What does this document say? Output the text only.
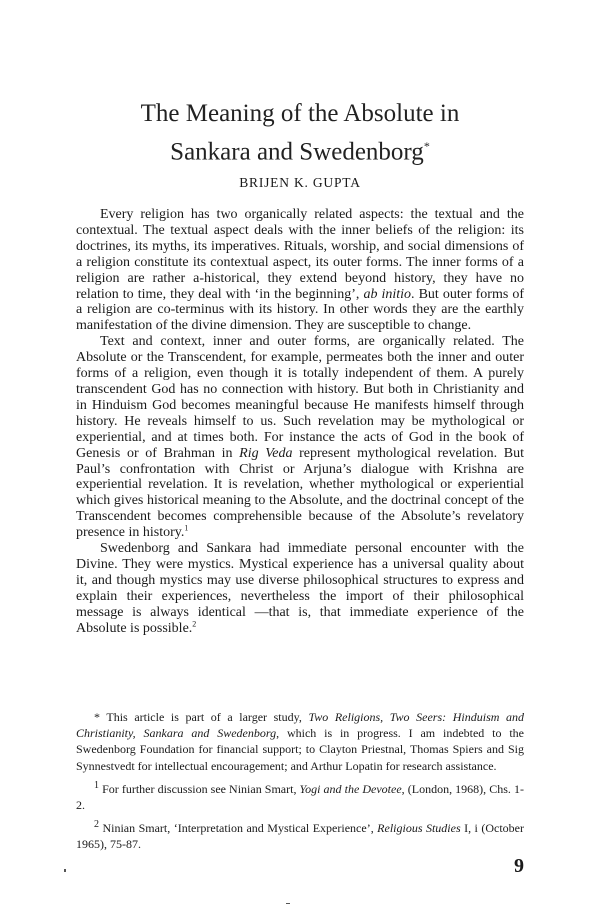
The Meaning of the Absolute in
Sankara and Swedenborg*
BRIJEN K. GUPTA

Every religion has two organically related aspects: the textual and the contextual. The textual aspect deals with the inner beliefs of the religion: its doctrines, its myths, its imperatives. Rituals, worship, and social dimensions of a religion constitute its contextual aspect, its outer forms. The inner forms of a religion are rather a-historical, they extend beyond history, they have no relation to time, they deal with ‘in the beginning’, ab initio. But outer forms of a religion are co-terminus with its history. In other words they are the earthly manifestation of the divine dimension. They are susceptible to change.

Text and context, inner and outer forms, are organically related. The Absolute or the Transcendent, for example, permeates both the inner and outer forms of a religion, even though it is totally independent of them. A purely transcendent God has no connection with history. But both in Christianity and in Hinduism God becomes meaningful because He manifests himself through history. He reveals himself to us. Such revelation may be mythological or experiential, and at times both. For instance the acts of God in the book of Genesis or of Brahman in Rig Veda represent mythological revelation. But Paul’s confrontation with Christ or Arjuna’s dialogue with Krishna are experiential revelation. It is revelation, whether mythological or experiential which gives historical meaning to the Absolute, and the doctrinal concept of the Transcendent becomes comprehensible because of the Absolute’s revelatory presence in history.$^1$

Swedenborg and Sankara had immediate personal encounter with the Divine. They were mystics. Mystical experience has a universal quality about it, and though mystics may use diverse philosophical structures to express and explain their experiences, nevertheless the import of their philosophical message is always identical —that is, that immediate experience of the Absolute is possible.$^2$

* This article is part of a larger study, Two Religions, Two Seers: Hinduism and Christianity, Sankara and Swedenborg, which is in progress. I am indebted to the Swedenborg Foundation for financial support; to Clayton Priestnal, Thomas Spiers and Sig Synnestvedt for intellectual encouragement; and Arthur Lopatin for research assistance.

$^1$ For further discussion see Ninian Smart, Yogi and the Devotee, (London, 1968), Chs. 1-2.

$^2$ Ninian Smart, ‘Interpretation and Mystical Experience’, Religious Studies I, i (October 1965), 75-87.

9
